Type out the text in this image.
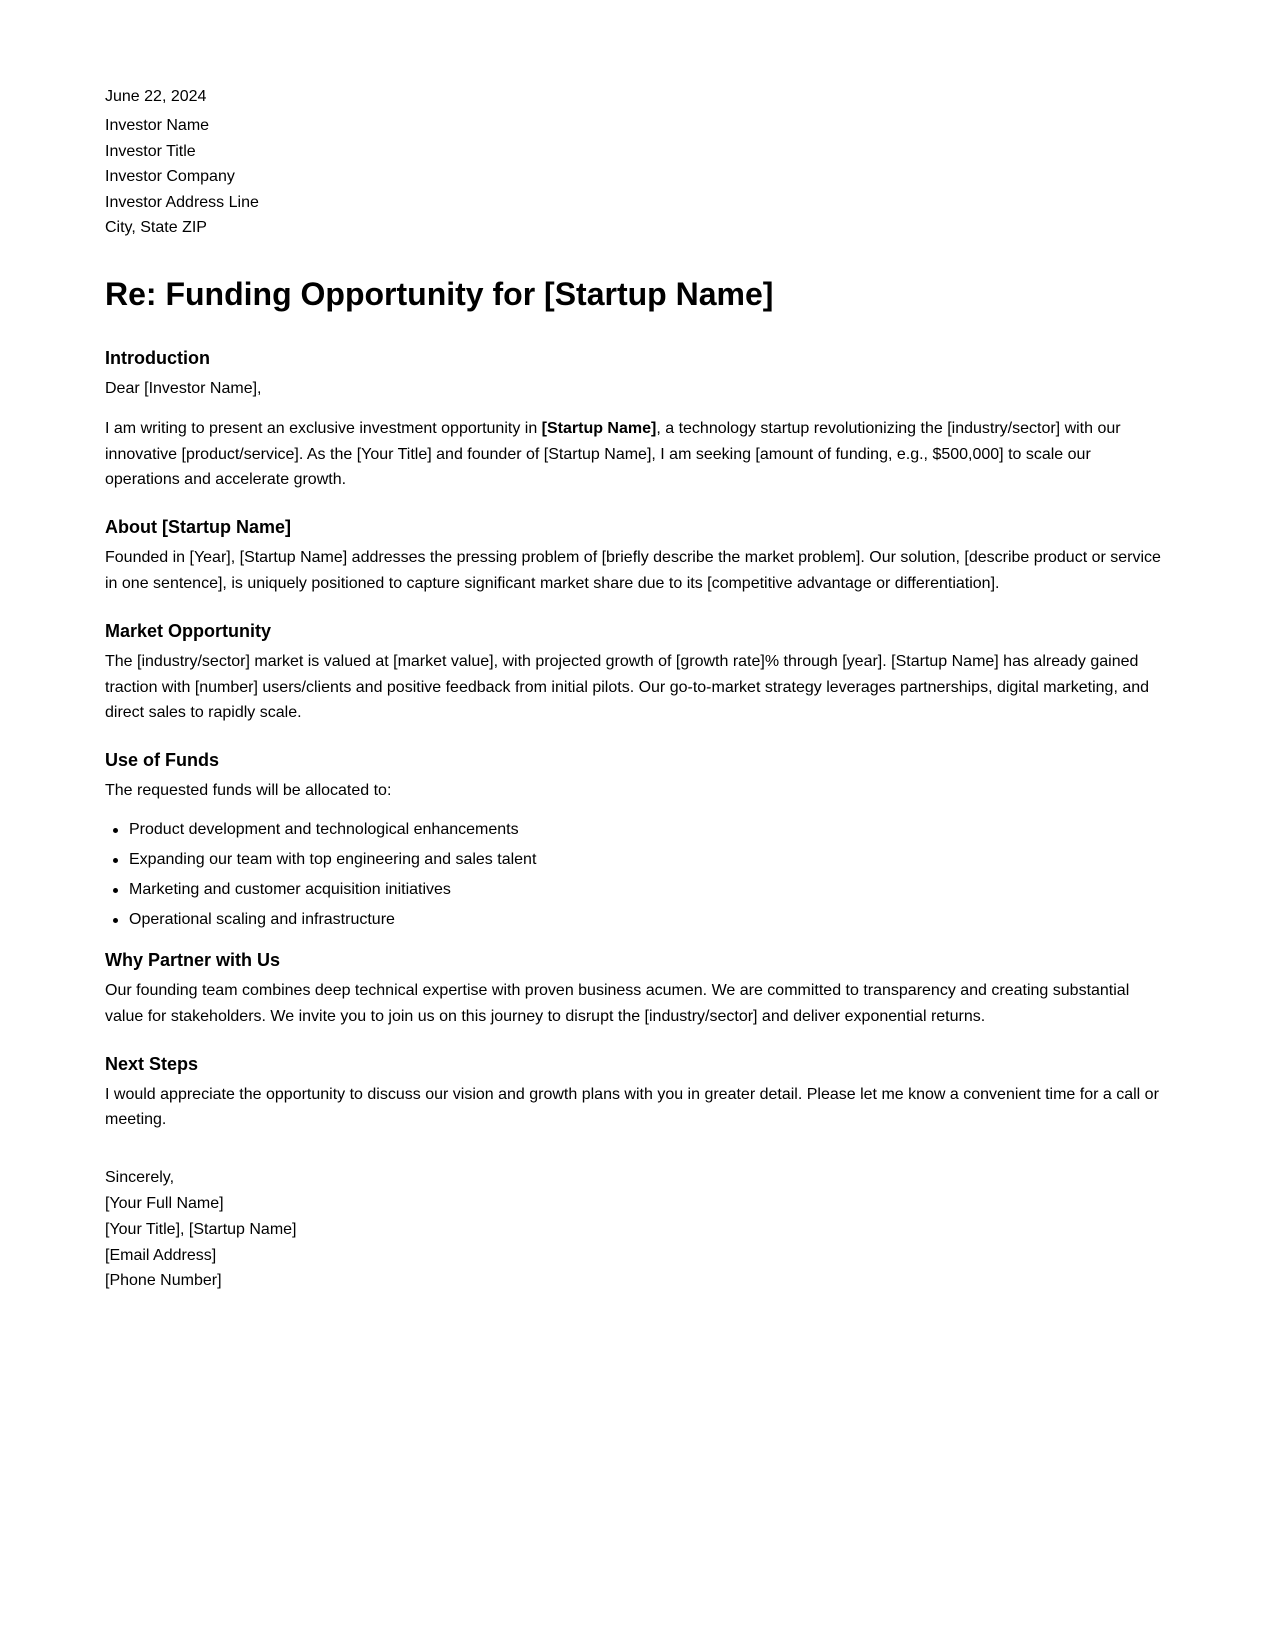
June 22, 2024
Investor Name
Investor Title
Investor Company
Investor Address Line
City, State ZIP
Re: Funding Opportunity for [Startup Name]
Introduction

Dear [Investor Name],

I am writing to present an exclusive investment opportunity in [Startup Name], a technology startup revolutionizing the [industry/sector] with our innovative [product/service]. As the [Your Title] and founder of [Startup Name], I am seeking [amount of funding, e.g., $500,000] to scale our operations and accelerate growth.

About [Startup Name]

Founded in [Year], [Startup Name] addresses the pressing problem of [briefly describe the market problem]. Our solution, [describe product or service in one sentence], is uniquely positioned to capture significant market share due to its [competitive advantage or differentiation].

Market Opportunity

The [industry/sector] market is valued at [market value], with projected growth of [growth rate]% through [year]. [Startup Name] has already gained traction with [number] users/clients and positive feedback from initial pilots. Our go-to-market strategy leverages partnerships, digital marketing, and direct sales to rapidly scale.

Use of Funds

The requested funds will be allocated to:

Product development and technological enhancements
Expanding our team with top engineering and sales talent
Marketing and customer acquisition initiatives
Operational scaling and infrastructure
Why Partner with Us

Our founding team combines deep technical expertise with proven business acumen. We are committed to transparency and creating substantial value for stakeholders. We invite you to join us on this journey to disrupt the [industry/sector] and deliver exponential returns.

Next Steps

I would appreciate the opportunity to discuss our vision and growth plans with you in greater detail. Please let me know a convenient time for a call or meeting.

Sincerely,
[Your Full Name]
[Your Title], [Startup Name]
[Email Address]
[Phone Number]
